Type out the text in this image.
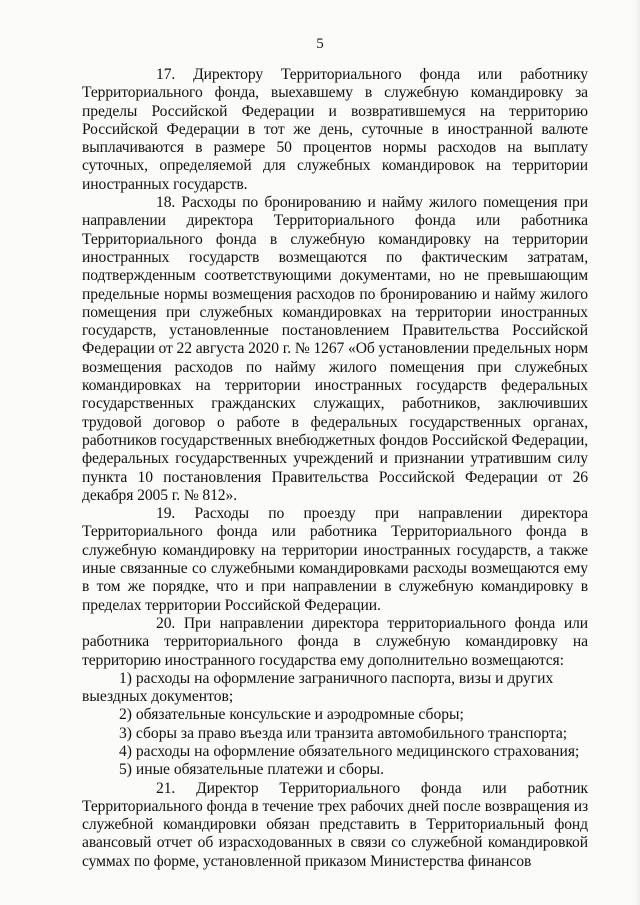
5

17. Директору Территориального фонда или работнику Территориального фонда, выехавшему в служебную командировку за пределы Российской Федерации и возвратившемуся на территорию Российской Федерации в тот же день, суточные в иностранной валюте выплачиваются в размере 50 процентов нормы расходов на выплату суточных, определяемой для служебных командировок на территории иностранных государств.

18. Расходы по бронированию и найму жилого помещения при направлении директора Территориального фонда или работника Территориального фонда в служебную командировку на территории иностранных государств возмещаются по фактическим затратам, подтвержденным соответствующими документами, но не превышающим предельные нормы возмещения расходов по бронированию и найму жилого помещения при служебных командировках на территории иностранных государств, установленные постановлением Правительства Российской Федерации от 22 августа 2020 г. № 1267 «Об установлении предельных норм возмещения расходов по найму жилого помещения при служебных командировках на территории иностранных государств федеральных государственных гражданских служащих, работников, заключивших трудовой договор о работе в федеральных государственных органах, работников государственных внебюджетных фондов Российской Федерации, федеральных государственных учреждений и признании утратившим силу пункта 10 постановления Правительства Российской Федерации от 26 декабря 2005 г. № 812».

19. Расходы по проезду при направлении директора Территориального фонда или работника Территориального фонда в служебную командировку на территории иностранных государств, а также иные связанные со служебными командировками расходы возмещаются ему в том же порядке, что и при направлении в служебную командировку в пределах территории Российской Федерации.

20. При направлении директора территориального фонда или работника территориального фонда в служебную командировку на территорию иностранного государства ему дополнительно возмещаются:

1) расходы на оформление заграничного паспорта, визы и других выездных документов;

2) обязательные консульские и аэродромные сборы;

3) сборы за право въезда или транзита автомобильного транспорта;

4) расходы на оформление обязательного медицинского страхования;

5) иные обязательные платежи и сборы.

21. Директор Территориального фонда или работник Территориального фонда в течение трех рабочих дней после возвращения из служебной командировки обязан представить в Территориальный фонд авансовый отчет об израсходованных в связи со служебной командировкой суммах по форме, установленной приказом Министерства финансов
